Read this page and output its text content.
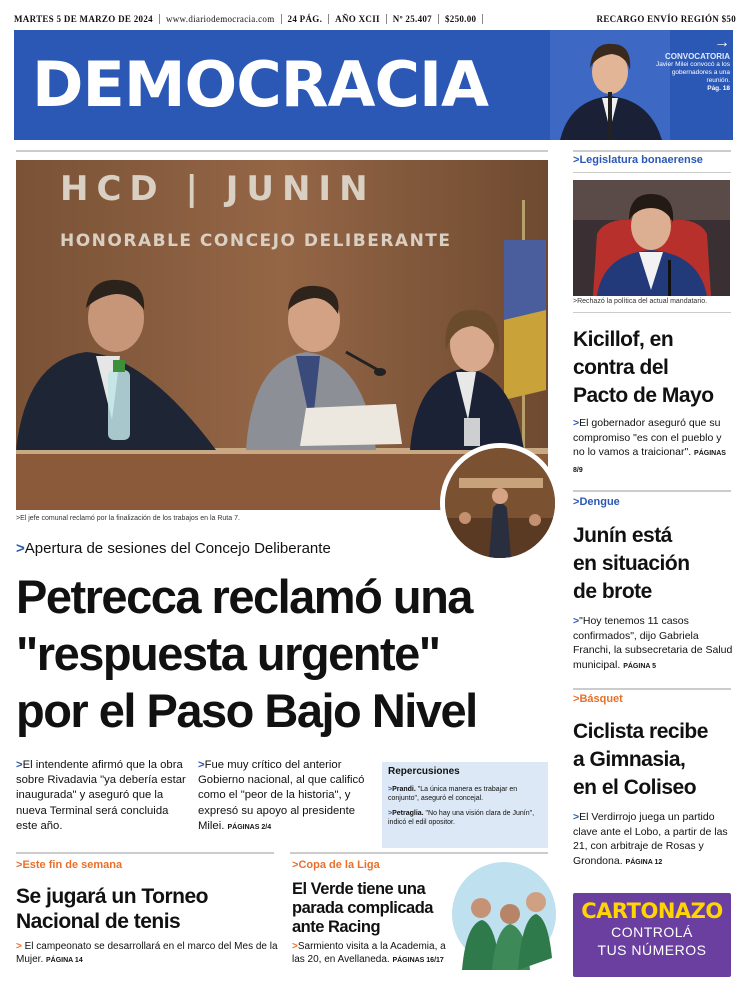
MARTES 5 DE MARZO DE 2024	www.diariodemocracia.com	24 PÁG.	AÑO XCII	Nº 25.407	$250.00	RECARGO ENVÍO REGIÓN $50
DEMOCRACIA
→
CONVOCATORIA
Javier Milei convocó a los gobernadores a una reunión.
Pág. 18
HCD | JUNIN
HONORABLE CONCEJO DELIBERANTE
>El jefe comunal reclamó por la finalización de los trabajos en la Ruta 7.
>Apertura de sesiones del Concejo Deliberante
Petrecca reclamó una
"respuesta urgente"
por el Paso Bajo Nivel
>El intendente afirmó que la obra sobre Rivadavia "ya debería estar inaugurada" y aseguró que la nueva Terminal será concluida este año.
>Fue muy crítico del anterior Gobierno nacional, al que calificó como el "peor de la historia", y expresó su apoyo al presidente Milei. PÁGINAS 2/4
Repercusiones

>Prandi. "La única manera es trabajar en conjunto", aseguró el concejal.

>Petraglia. "No hay una visión clara de Junín", indicó el edil opositor.

>Este fin de semana
Se jugará un Torneo
Nacional de tenis
> El campeonato se desarrollará en el marco del Mes de la Mujer. PÁGINA 14
>Copa de la Liga
El Verde tiene una
parada complicada
ante Racing
>Sarmiento visita a la Academia, a las 20, en Avellaneda. PÁGINAS 16/17
>Legislatura bonaerense
>Rechazó la política del actual mandatario.
Kicillof, en
contra del
Pacto de Mayo
>El gobernador aseguró que su compromiso "es con el pueblo y no lo vamos a traicionar". PÁGINAS 8/9
>Dengue
Junín está
en situación
de brote
>"Hoy tenemos 11 casos confirmados", dijo Gabriela Franchi, la subsecretaria de Salud municipal. PÁGINA 5
>Básquet
Ciclista recibe
a Gimnasia,
en el Coliseo
>El Verdirrojo juega un partido clave ante el Lobo, a partir de las 21, con arbitraje de Rosas y Grondona. PÁGINA 12
CARTONAZO
CONTROLÁ
TUS NÚMEROS
